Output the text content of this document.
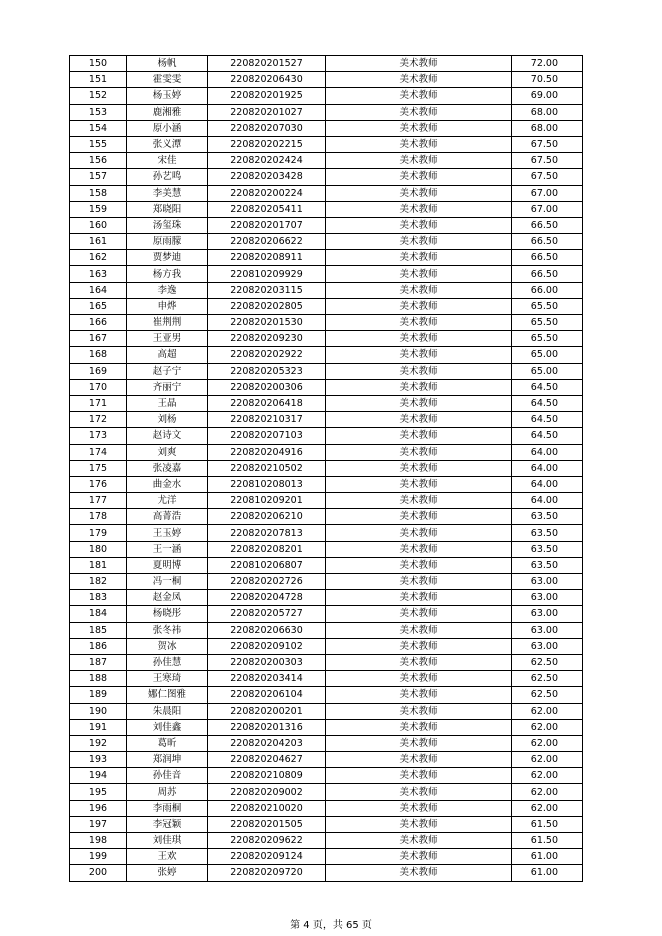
150	杨帆	220820201527	美术教师	72.00
151	霍雯雯	220820206430	美术教师	70.50
152	杨玉婷	220820201925	美术教师	69.00
153	鹿湘雅	220820201027	美术教师	68.00
154	原小涵	220820207030	美术教师	68.00
155	张义潭	220820202215	美术教师	67.50
156	宋佳	220820202424	美术教师	67.50
157	孙艺鸣	220820203428	美术教师	67.50
158	李美慧	220820200224	美术教师	67.00
159	郑晓阳	220820205411	美术教师	67.00
160	汤玺珠	220820201707	美术教师	66.50
161	原雨朦	220820206622	美术教师	66.50
162	贾梦迪	220820208911	美术教师	66.50
163	杨方我	220810209929	美术教师	66.50
164	李逸	220820203115	美术教师	66.00
165	申烨	220820202805	美术教师	65.50
166	崔荆荆	220820201530	美术教师	65.50
167	王亚男	220820209230	美术教师	65.50
168	高超	220820202922	美术教师	65.00
169	赵子宁	220820205323	美术教师	65.00
170	齐丽宁	220820200306	美术教师	64.50
171	王晶	220820206418	美术教师	64.50
172	刘杨	220820210317	美术教师	64.50
173	赵诗文	220820207103	美术教师	64.50
174	刘爽	220820204916	美术教师	64.00
175	张凌嘉	220820210502	美术教师	64.00
176	曲金水	220810208013	美术教师	64.00
177	尤洋	220810209201	美术教师	64.00
178	高菁浩	220820206210	美术教师	63.50
179	王玉婷	220820207813	美术教师	63.50
180	王一涵	220820208201	美术教师	63.50
181	夏明博	220810206807	美术教师	63.50
182	冯一桐	220820202726	美术教师	63.00
183	赵金凤	220820204728	美术教师	63.00
184	杨晓彤	220820205727	美术教师	63.00
185	张冬祎	220820206630	美术教师	63.00
186	贺冰	220820209102	美术教师	63.00
187	孙佳慧	220820200303	美术教师	62.50
188	王寒琦	220820203414	美术教师	62.50
189	娜仁图雅	220820206104	美术教师	62.50
190	朱晨阳	220820200201	美术教师	62.00
191	刘佳鑫	220820201316	美术教师	62.00
192	葛昕	220820204203	美术教师	62.00
193	郑润坤	220820204627	美术教师	62.00
194	孙佳音	220820210809	美术教师	62.00
195	周苏	220820209002	美术教师	62.00
196	李雨桐	220820210020	美术教师	62.00
197	李冠颖	220820201505	美术教师	61.50
198	刘佳琪	220820209622	美术教师	61.50
199	王欢	220820209124	美术教师	61.00
200	张婷	220820209720	美术教师	61.00
第 4 页，共 65 页
